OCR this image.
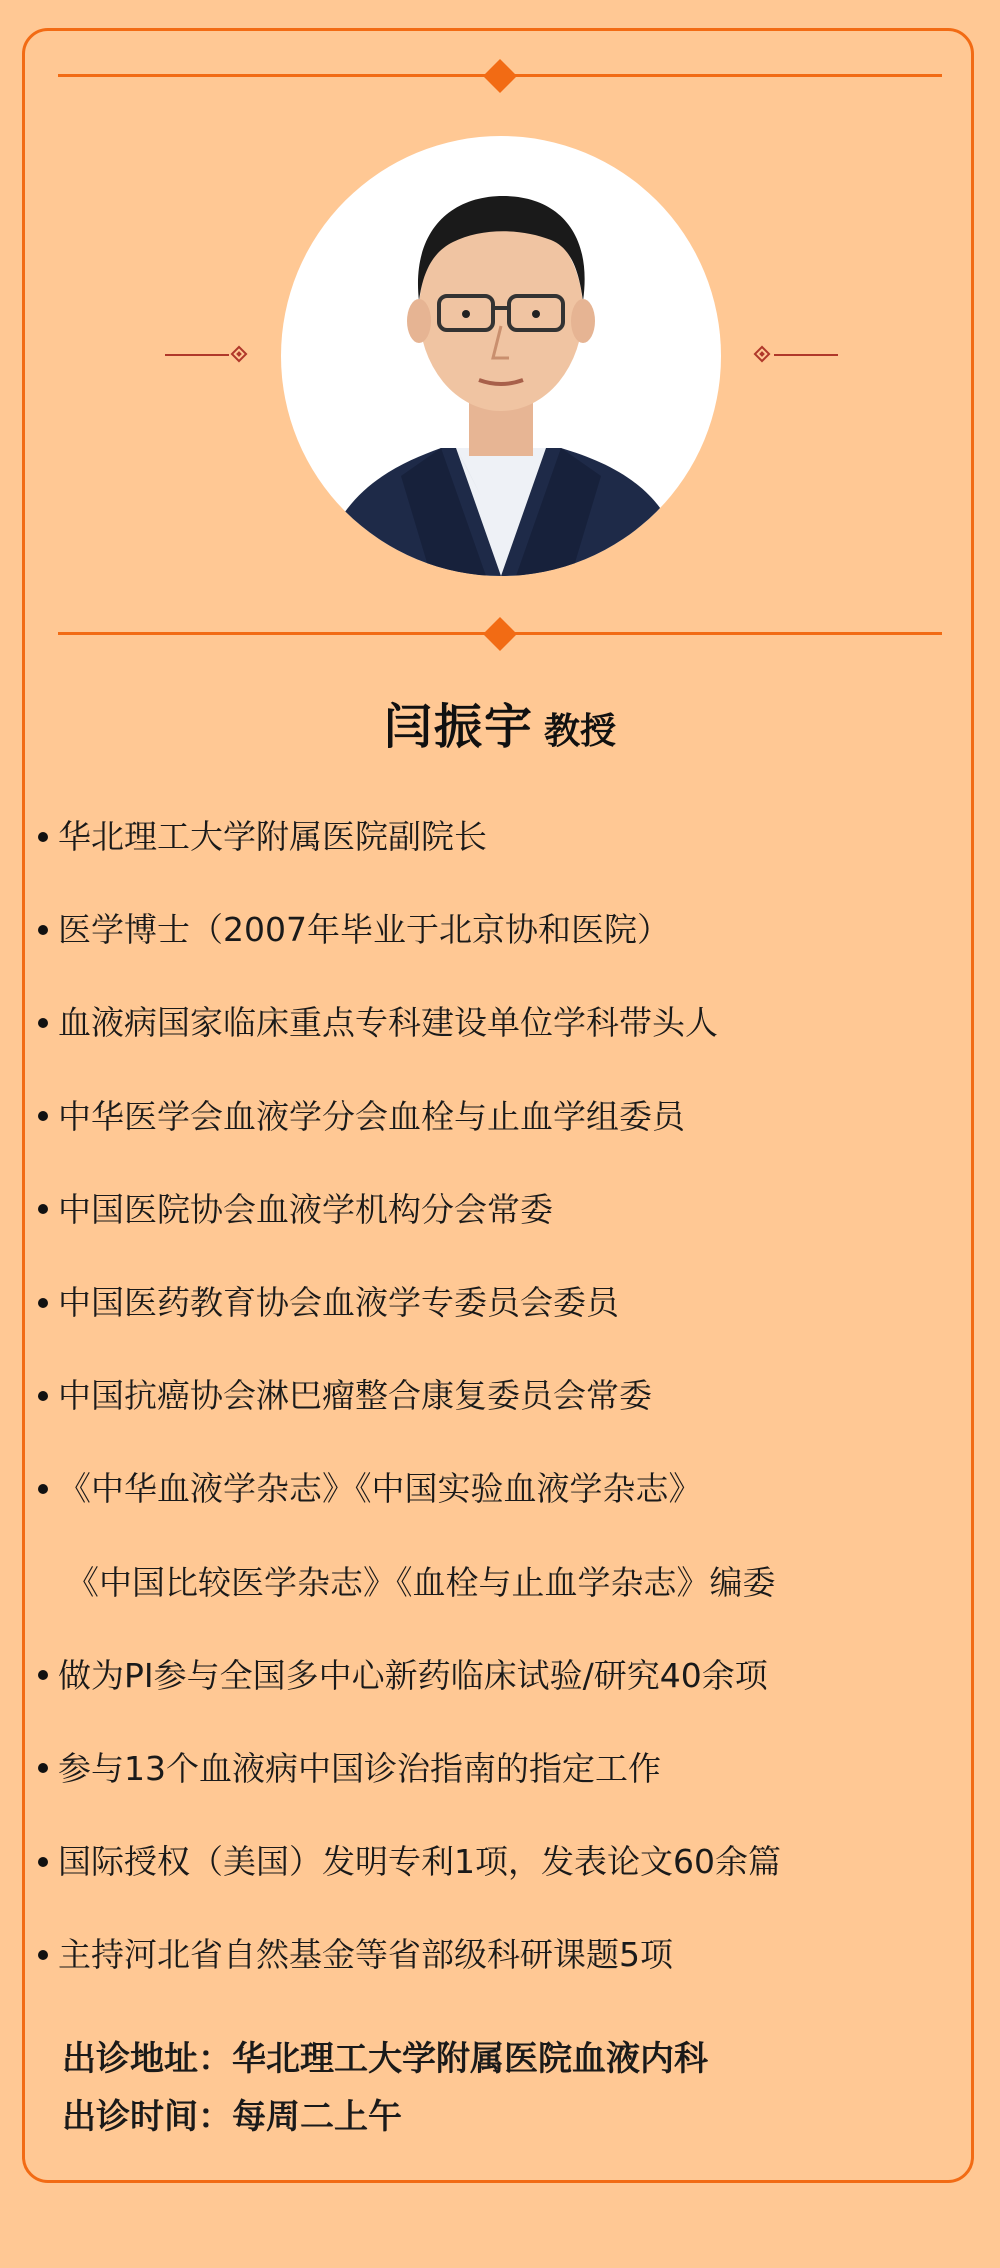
闫振宇 教授
华北理工大学附属医院副院长
医学博士（2007年毕业于北京协和医院）
血液病国家临床重点专科建设单位学科带头人
中华医学会血液学分会血栓与止血学组委员
中国医院协会血液学机构分会常委
中国医药教育协会血液学专委员会委员
中国抗癌协会淋巴瘤整合康复委员会常委
《中华血液学杂志》《中国实验血液学杂志》
《中国比较医学杂志》《血栓与止血学杂志》编委
做为PI参与全国多中心新药临床试验/研究40余项
参与13个血液病中国诊治指南的指定工作
国际授权（美国）发明专利1项，发表论文60余篇
主持河北省自然基金等省部级科研课题5项
出诊地址：华北理工大学附属医院血液内科
出诊时间：每周二上午
